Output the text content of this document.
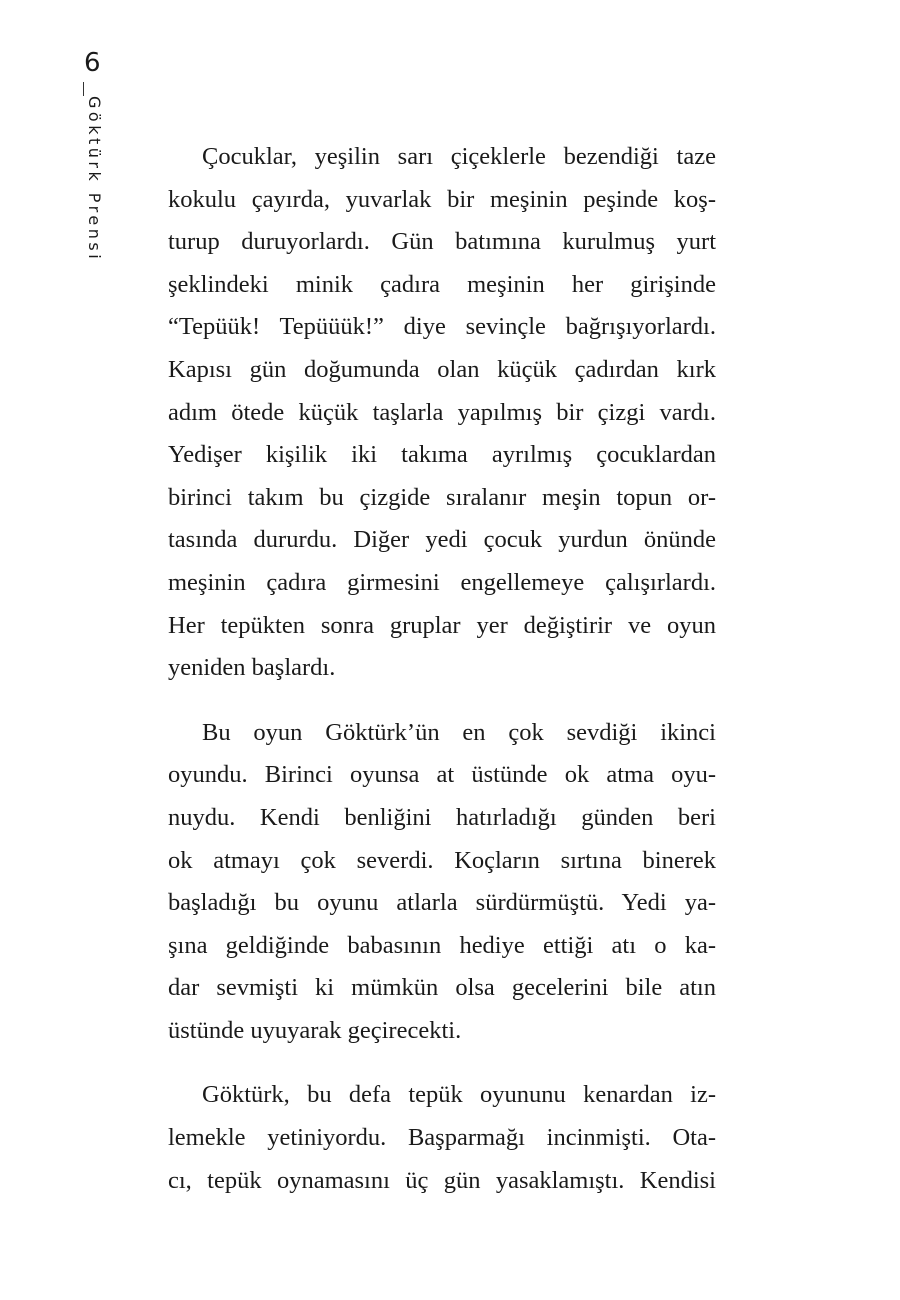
6
Göktürk Prensi	Çocuklar, yeşilin sarı çiçeklerle bezendiği taze
kokulu çayırda, yuvarlak bir meşinin peşinde koş-
turup duruyorlardı. Gün batımına kurulmuş yurt
şeklindeki minik çadıra meşinin her girişinde
“Tepüük! Tepüüük!” diye sevinçle bağrışıyorlardı.
Kapısı gün doğumunda olan küçük çadırdan kırk
adım ötede küçük taşlarla yapılmış bir çizgi vardı.
Yedişer kişilik iki takıma ayrılmış çocuklardan
birinci takım bu çizgide sıralanır meşin topun or-
tasında dururdu. Diğer yedi çocuk yurdun önünde
meşinin çadıra girmesini engellemeye çalışırlardı.
Her tepükten sonra gruplar yer değiştirir ve oyun
yeniden başlardı.

Bu oyun Göktürk’ün en çok sevdiği ikinci
oyundu. Birinci oyunsa at üstünde ok atma oyu-
nuydu. Kendi benliğini hatırladığı günden beri
ok atmayı çok severdi. Koçların sırtına binerek
başladığı bu oyunu atlarla sürdürmüştü. Yedi ya-
şına geldiğinde babasının hediye ettiği atı o ka-
dar sevmişti ki mümkün olsa gecelerini bile atın
üstünde uyuyarak geçirecekti.

Göktürk, bu defa tepük oyununu kenardan iz-
lemekle yetiniyordu. Başparmağı incinmişti. Ota-
cı, tepük oynamasını üç gün yasaklamıştı. Kendisi
